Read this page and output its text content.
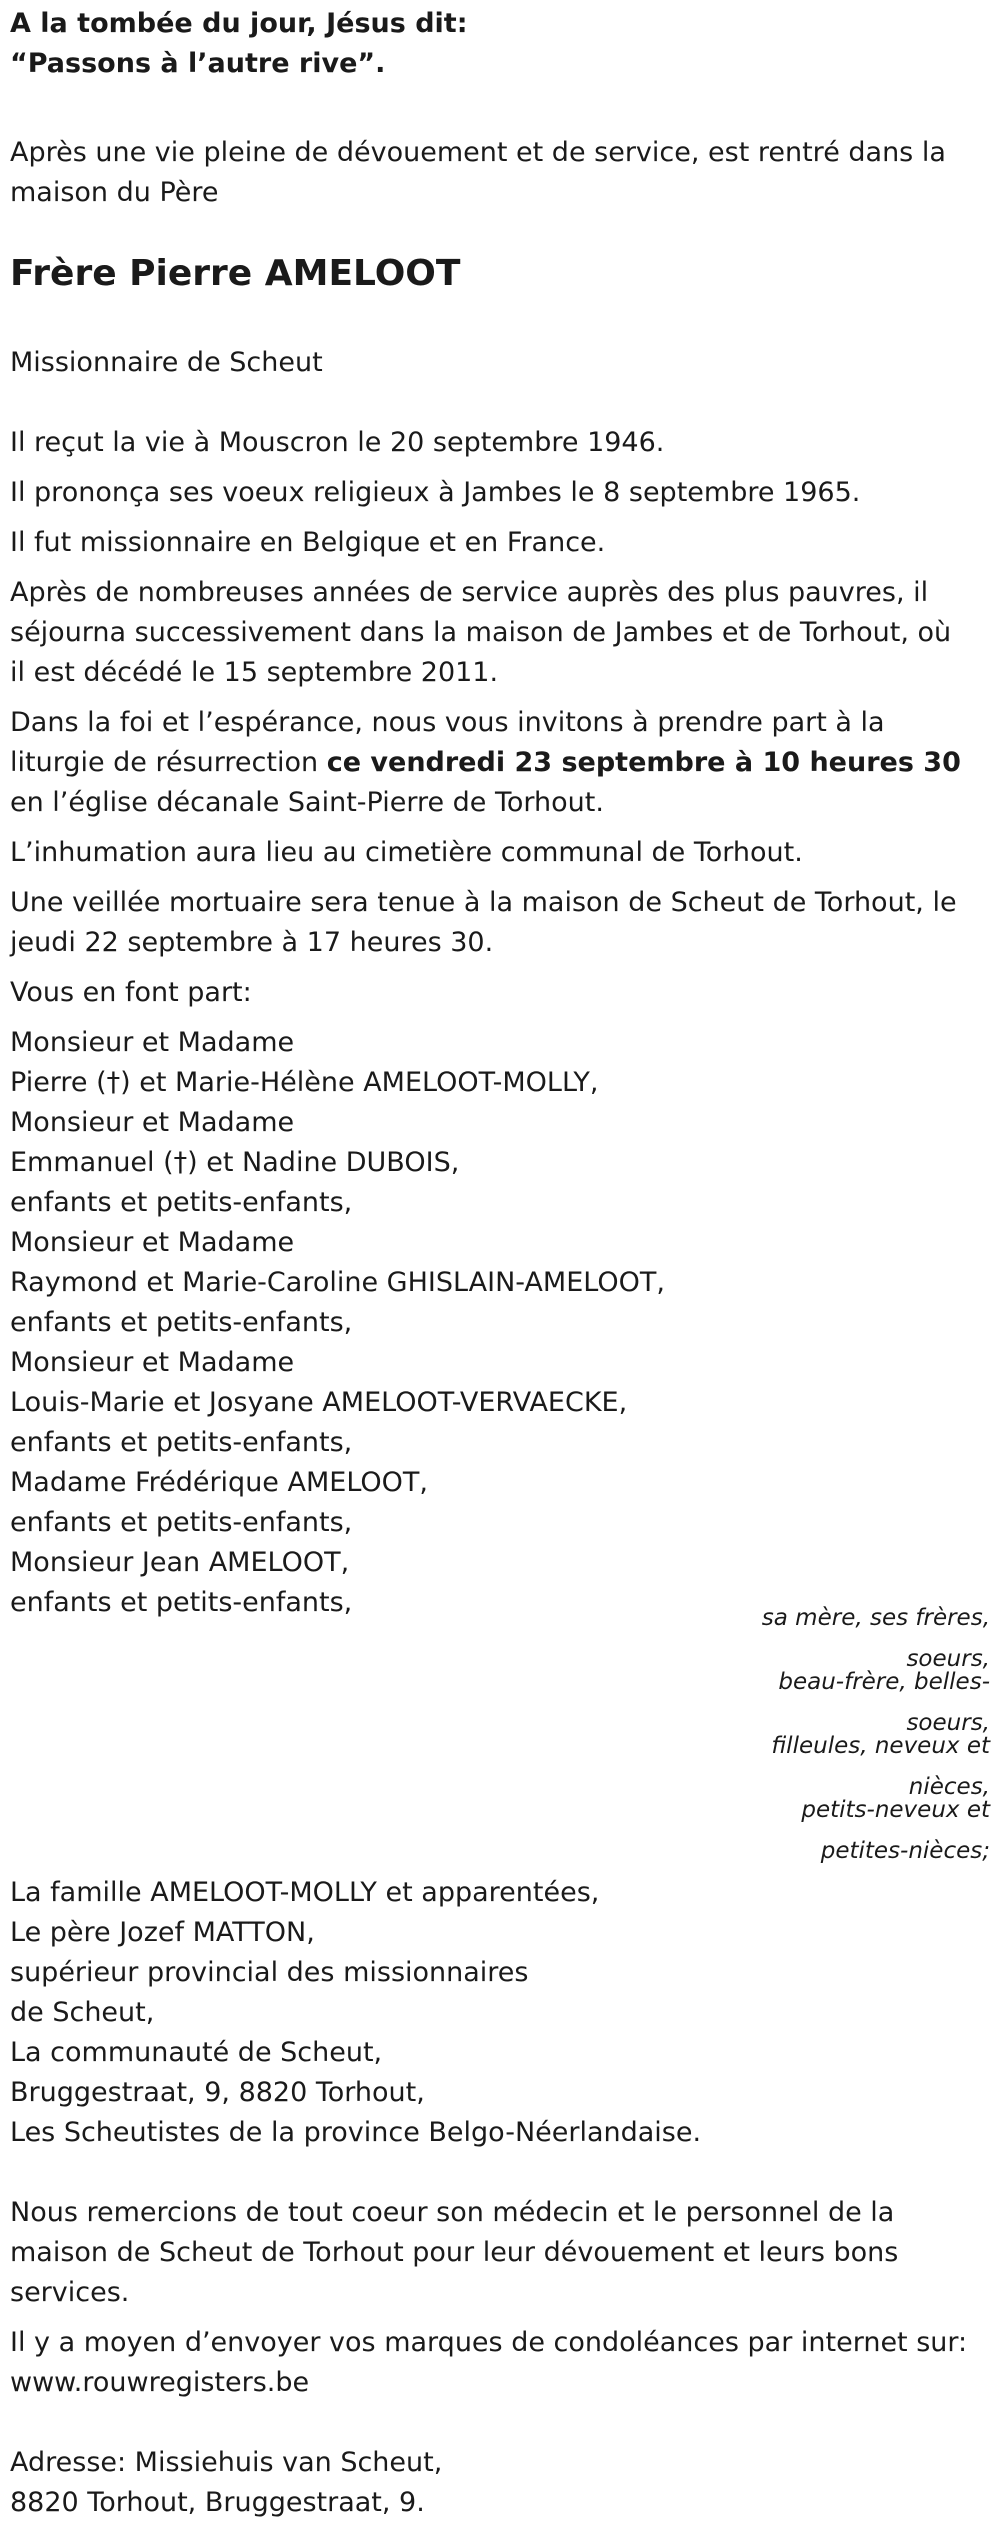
A la tombée du jour, Jésus dit:
“Passons à l’autre rive”.
Après une vie pleine de dévouement et de service, est rentré dans la maison du Père
Frère Pierre AMELOOT
Missionnaire de Scheut
Il reçut la vie à Mouscron le 20 septembre 1946.
Il prononça ses voeux religieux à Jambes le 8 septembre 1965.
Il fut missionnaire en Belgique et en France.
Après de nombreuses années de service auprès des plus pauvres, il séjourna successivement dans la maison de Jambes et de Torhout, où il est décédé le 15 septembre 2011.
Dans la foi et l’espérance, nous vous invitons à prendre part à la liturgie de résurrection ce vendredi 23 septembre à 10 heures 30 en l’église décanale Saint-Pierre de Torhout.
L’inhumation aura lieu au cimetière communal de Torhout.
Une veillée mortuaire sera tenue à la maison de Scheut de Torhout, le jeudi 22 septembre à 17 heures 30.
Vous en font part:
Monsieur et Madame
Pierre (†) et Marie-Hélène AMELOOT-MOLLY,
Monsieur et Madame
Emmanuel (†) et Nadine DUBOIS,
enfants et petits-enfants,
Monsieur et Madame
Raymond et Marie-Caroline GHISLAIN-AMELOOT,
enfants et petits-enfants,
Monsieur et Madame
Louis-Marie et Josyane AMELOOT-VERVAECKE,
enfants et petits-enfants,
Madame Frédérique AMELOOT,
enfants et petits-enfants,
Monsieur Jean AMELOOT,
enfants et petits-enfants,	sa mère, ses frères,
soeurs,
beau-frère, belles-
soeurs,
filleules, neveux et
nièces,
petits-neveux et
petites-nièces;
La famille AMELOOT-MOLLY et apparentées,
Le père Jozef MATTON,
supérieur provincial des missionnaires
de Scheut,
La communauté de Scheut,
Bruggestraat, 9, 8820 Torhout,
Les Scheutistes de la province Belgo-Néerlandaise.
Nous remercions de tout coeur son médecin et le personnel de la maison de Scheut de Torhout pour leur dévouement et leurs bons services.
Il y a moyen d’envoyer vos marques de condoléances par internet sur:
www.rouwregisters.be
Adresse: Missiehuis van Scheut,
8820 Torhout, Bruggestraat, 9.
